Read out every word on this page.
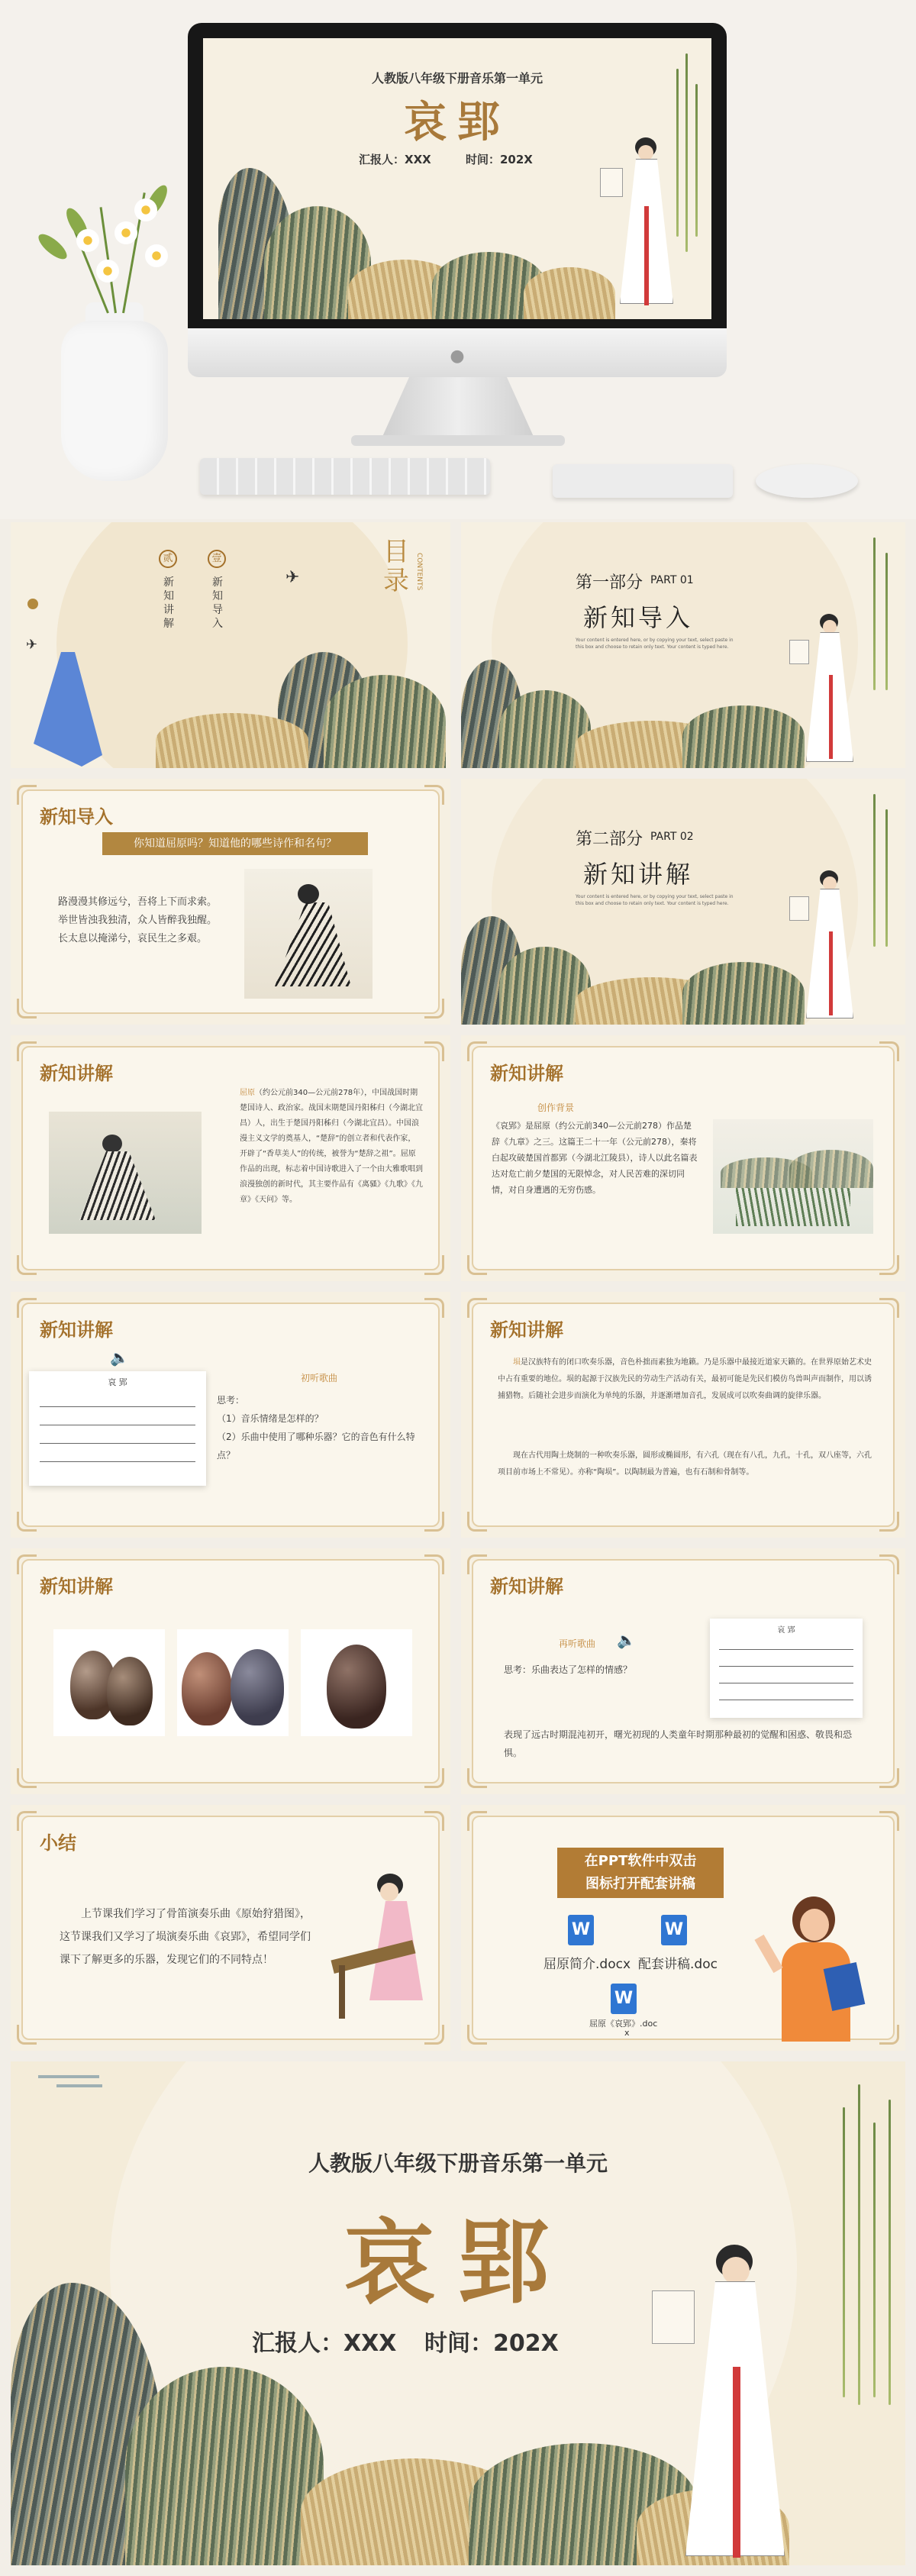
人教版八年级下册音乐第一单元
哀郢
汇报人：XXX	时间：202X
●
✈
✈
贰
新知讲解
壹
新知导入
目录 CONTENTS	第一部分 PART 01
新知导入
Your content is entered here, or by copying your text, select paste in this box and choose to retain only text. Your content is typed here.
新知导入
你知道屈原吗？知道他的哪些诗作和名句？
路漫漫其修远兮，吾将上下而求索。
举世皆浊我独清，众人皆醉我独醒。
长太息以掩涕兮，哀民生之多艰。
第二部分 PART 02
新知讲解
Your content is entered here, or by copying your text, select paste in this box and choose to retain only text. Your content is typed here.
新知讲解
屈原（约公元前340—公元前278年），中国战国时期楚国诗人、政治家。战国末期楚国丹阳秭归（今湖北宜昌）人，出生于楚国丹阳秭归（今湖北宜昌）。中国浪漫主义文学的奠基人，“楚辞”的创立者和代表作家，开辟了“香草美人”的传统，被誉为“楚辞之祖”。屈原作品的出现，标志着中国诗歌进入了一个由大雅歌唱到浪漫独创的新时代，其主要作品有《离骚》《九歌》《九章》《天问》等。
新知讲解
创作背景
《哀郢》是屈原（约公元前340—公元前278）作品楚辞《九章》之三。这篇王二十一年（公元前278），秦将白起攻破楚国首都郢（今湖北江陵县），诗人以此名篇表达对危亡前夕楚国的无限悼念，对人民苦难的深切同情，对自身遭遇的无穷伤感。
新知讲解
🔈
哀 郢	初听歌曲
思考：
（1）音乐情绪是怎样的？
（2）乐曲中使用了哪种乐器？它的音色有什么特点？
新知讲解
埙是汉族特有的闭口吹奏乐器，音色朴拙而素独为地籁。乃是乐器中最接近道家天籁的。在世界原始艺术史中占有重要的地位。埙的起源于汉族先民的劳动生产活动有关，最初可能是先民们模仿鸟兽叫声而制作，用以诱捕猎物。后随社会进步而演化为单纯的乐器，并逐渐增加音孔，发展成可以吹奏曲调的旋律乐器。
现在古代用陶土烧制的一种吹奏乐器，圆形或椭圆形，有六孔（现在有八孔，九孔，十孔，双八座等，六孔项目前市场上不常见）。亦称“陶埙”。以陶制最为普遍，也有石制和骨制等。
新知讲解	新知讲解
再听歌曲 🔈
思考：乐曲表达了怎样的情感？
哀 郢
表现了远古时期混沌初开，曙光初现的人类童年时期那种最初的觉醒和困惑、敬畏和恐惧。
小结
上节课我们学习了骨笛演奏乐曲《原始狩猎图》，这节课我们又学习了埙演奏乐曲《哀郢》，希望同学们课下了解更多的乐器，发现它们的不同特点！
在PPT软件中双击
图标打开配套讲稿
W
屈原简介.docx
W
配套讲稿.doc
W
屈原《哀郢》.doc
x
人教版八年级下册音乐第一单元
哀郢
汇报人：XXX 时间：202X
